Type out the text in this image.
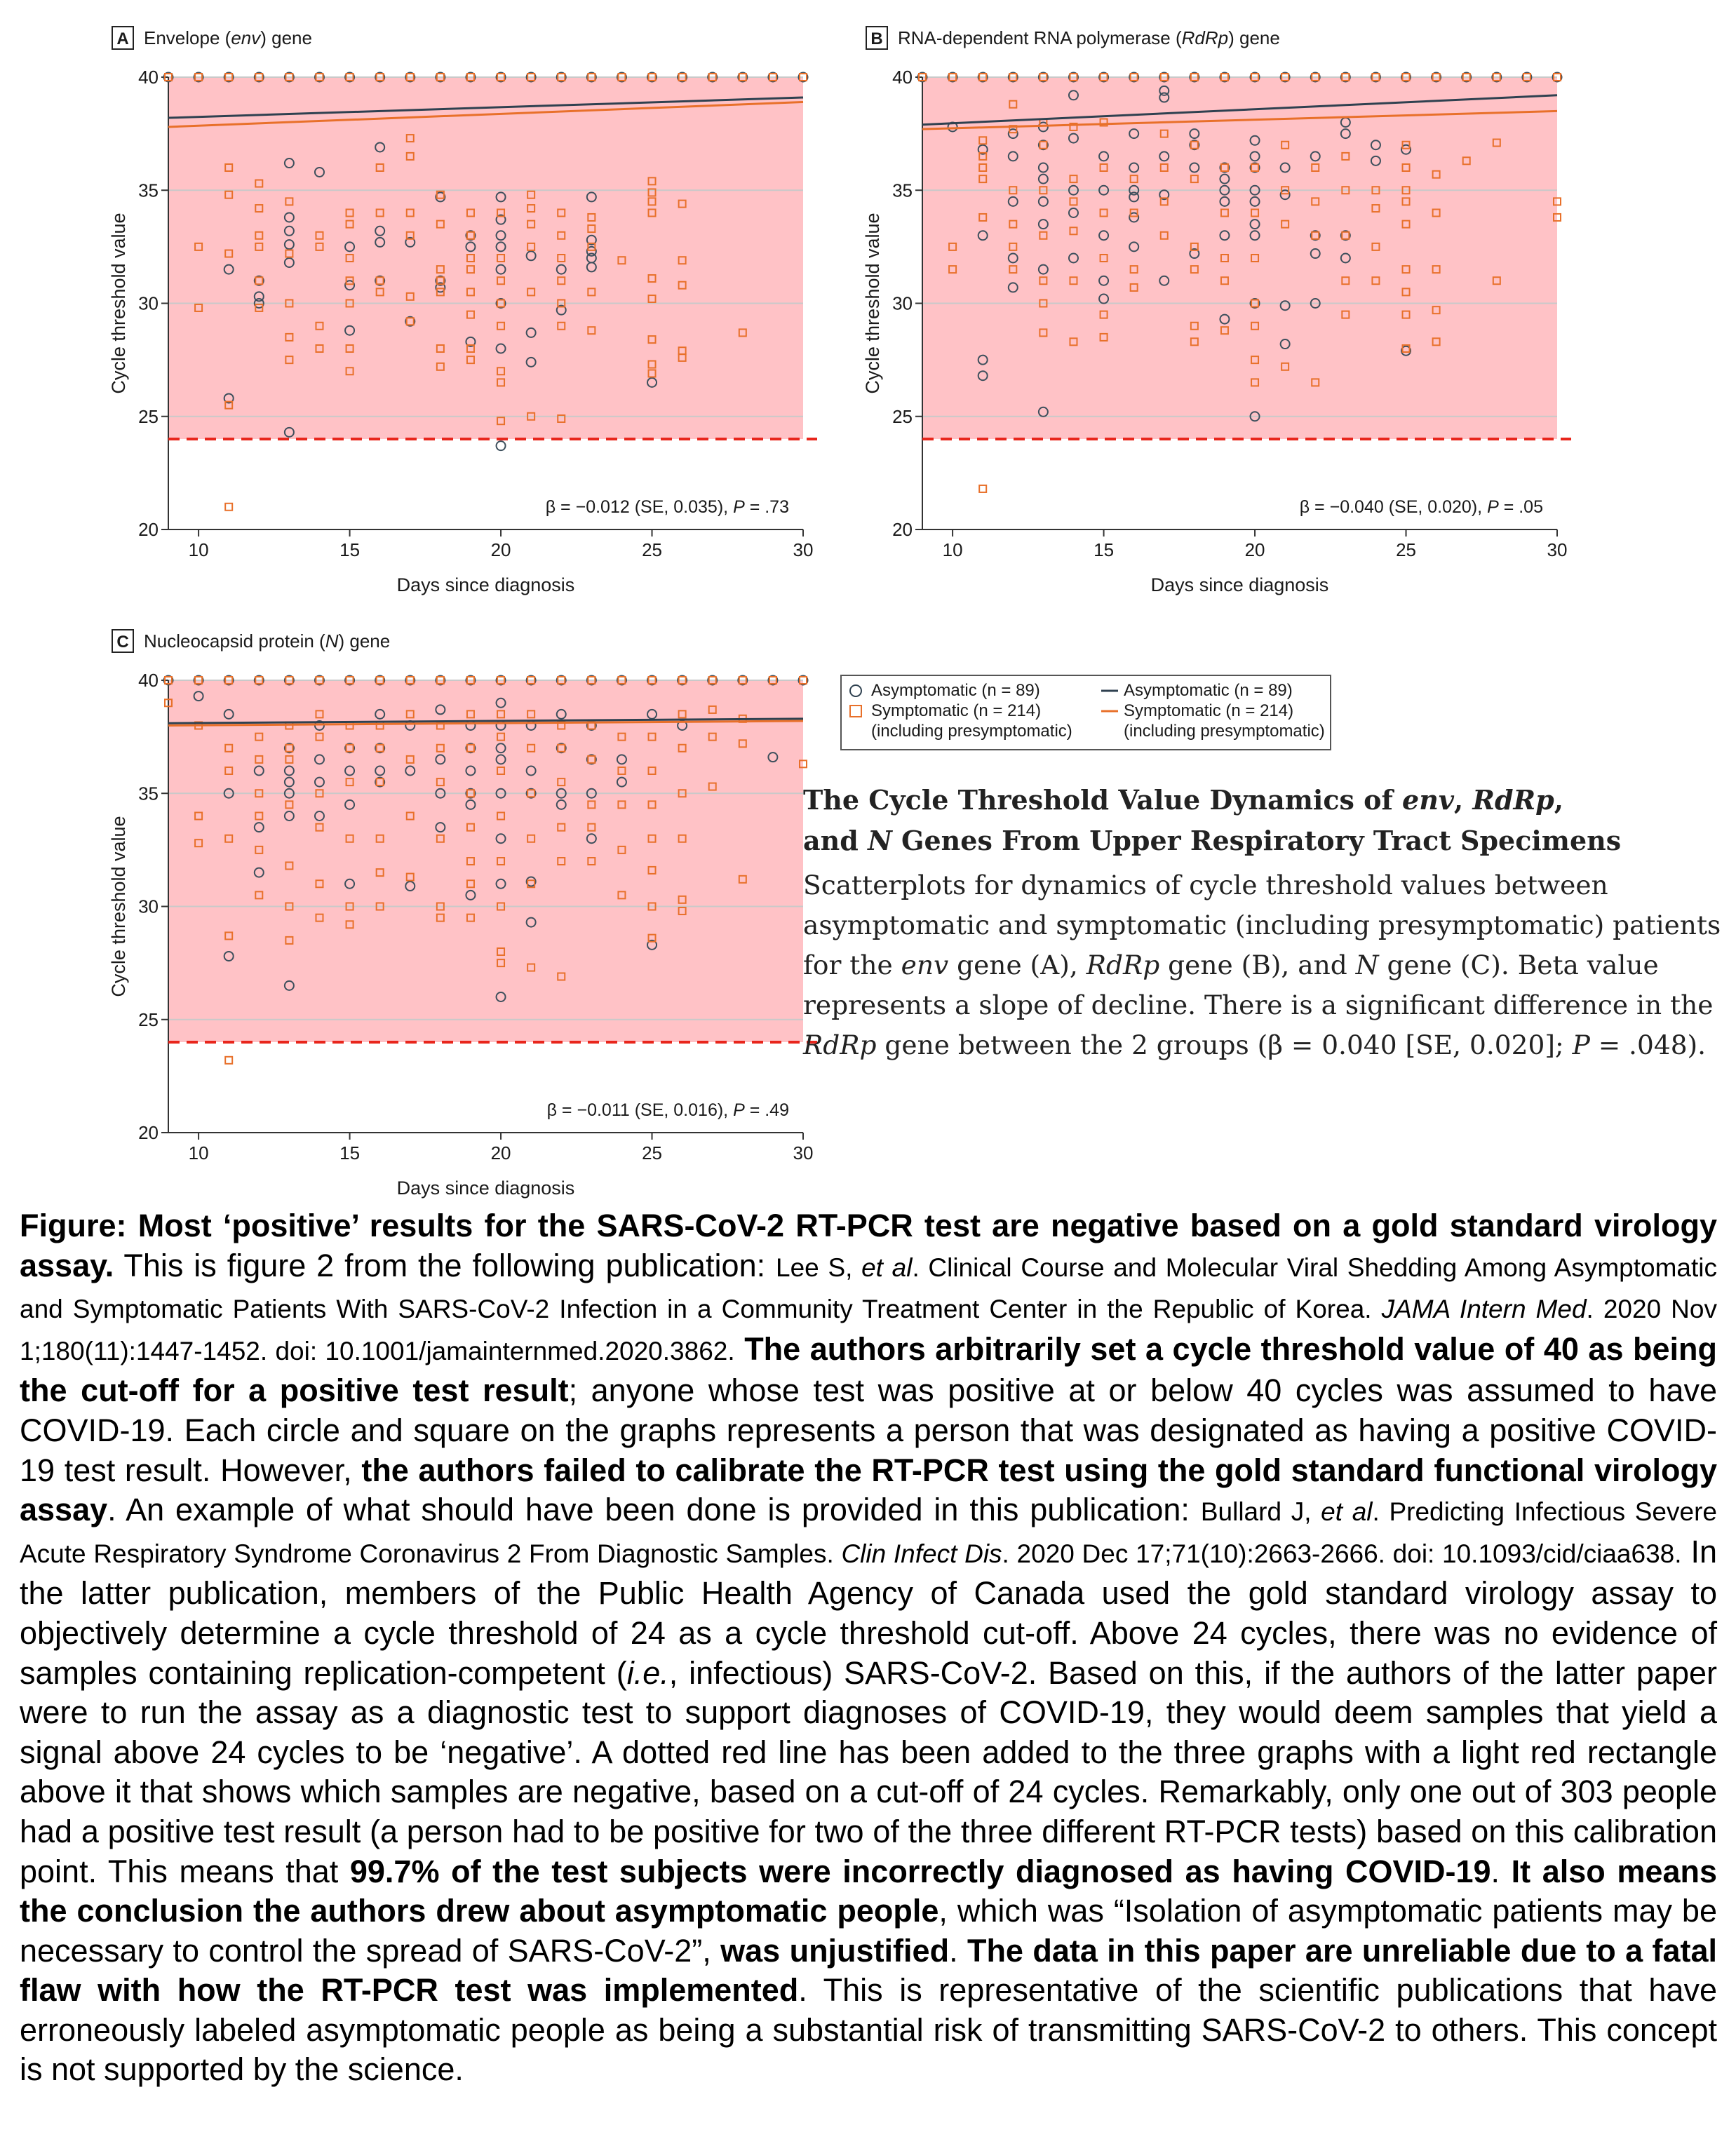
A Envelope (env) gene
20
25
30
35
40
10	15	20	25	30
Days since diagnosis
Cycle threshold value
β = −0.012 (SE, 0.035), P = .73
B RNA-dependent RNA polymerase (RdRp) gene
20
25
30
35
40
10	15	20	25	30
Days since diagnosis
Cycle threshold value
β = −0.040 (SE, 0.020), P = .05
C Nucleocapsid protein (N) gene
20
25
30
35
40
10	15	20	25	30
Days since diagnosis
Cycle threshold value
β = −0.011 (SE, 0.016), P = .49
Asymptomatic (n = 89)
Symptomatic (n = 214)
(including presymptomatic)
Asymptomatic (n = 89)
Symptomatic (n = 214)
(including presymptomatic)
The Cycle Threshold Value Dynamics of env, RdRp,
and N Genes From Upper Respiratory Tract Specimens
Scatterplots for dynamics of cycle threshold values between asymptomatic and symptomatic (including presymptomatic) patients for the env gene (A), RdRp gene (B), and N gene (C). Beta value represents a slope of decline. There is a significant difference in the RdRp gene between the 2 groups (β = 0.040 [SE, 0.020]; P = .048).
Figure: Most ‘positive’ results for the SARS-CoV-2 RT-PCR test are negative based on a gold standard virology assay. This is figure 2 from the following publication: Lee S, et al. Clinical Course and Molecular Viral Shedding Among Asymptomatic and Symptomatic Patients With SARS-CoV-2 Infection in a Community Treatment Center in the Republic of Korea. JAMA Intern Med. 2020 Nov 1;180(11):1447-1452. doi: 10.1001/jamainternmed.2020.3862. The authors arbitrarily set a cycle threshold value of 40 as being the cut-off for a positive test result; anyone whose test was positive at or below 40 cycles was assumed to have COVID-19. Each circle and square on the graphs represents a person that was designated as having a positive COVID-19 test result. However, the authors failed to calibrate the RT-PCR test using the gold standard functional virology assay. An example of what should have been done is provided in this publication: Bullard J, et al. Predicting Infectious Severe Acute Respiratory Syndrome Coronavirus 2 From Diagnostic Samples. Clin Infect Dis. 2020 Dec 17;71(10):2663-2666. doi: 10.1093/cid/ciaa638. In the latter publication, members of the Public Health Agency of Canada used the gold standard virology assay to objectively determine a cycle threshold of 24 as a cycle threshold cut-off. Above 24 cycles, there was no evidence of samples containing replication-competent (i.e., infectious) SARS-CoV-2. Based on this, if the authors of the latter paper were to run the assay as a diagnostic test to support diagnoses of COVID-19, they would deem samples that yield a signal above 24 cycles to be ‘negative’. A dotted red line has been added to the three graphs with a light red rectangle above it that shows which samples are negative, based on a cut-off of 24 cycles. Remarkably, only one out of 303 people had a positive test result (a person had to be positive for two of the three different RT-PCR tests) based on this calibration point. This means that 99.7% of the test subjects were incorrectly diagnosed as having COVID-19. It also means the conclusion the authors drew about asymptomatic people, which was “Isolation of asymptomatic patients may be necessary to control the spread of SARS-CoV-2”, was unjustified. The data in this paper are unreliable due to a fatal flaw with how the RT-PCR test was implemented. This is representative of the scientific publications that have erroneously labeled asymptomatic people as being a substantial risk of transmitting SARS-CoV-2 to others. This concept is not supported by the science.
